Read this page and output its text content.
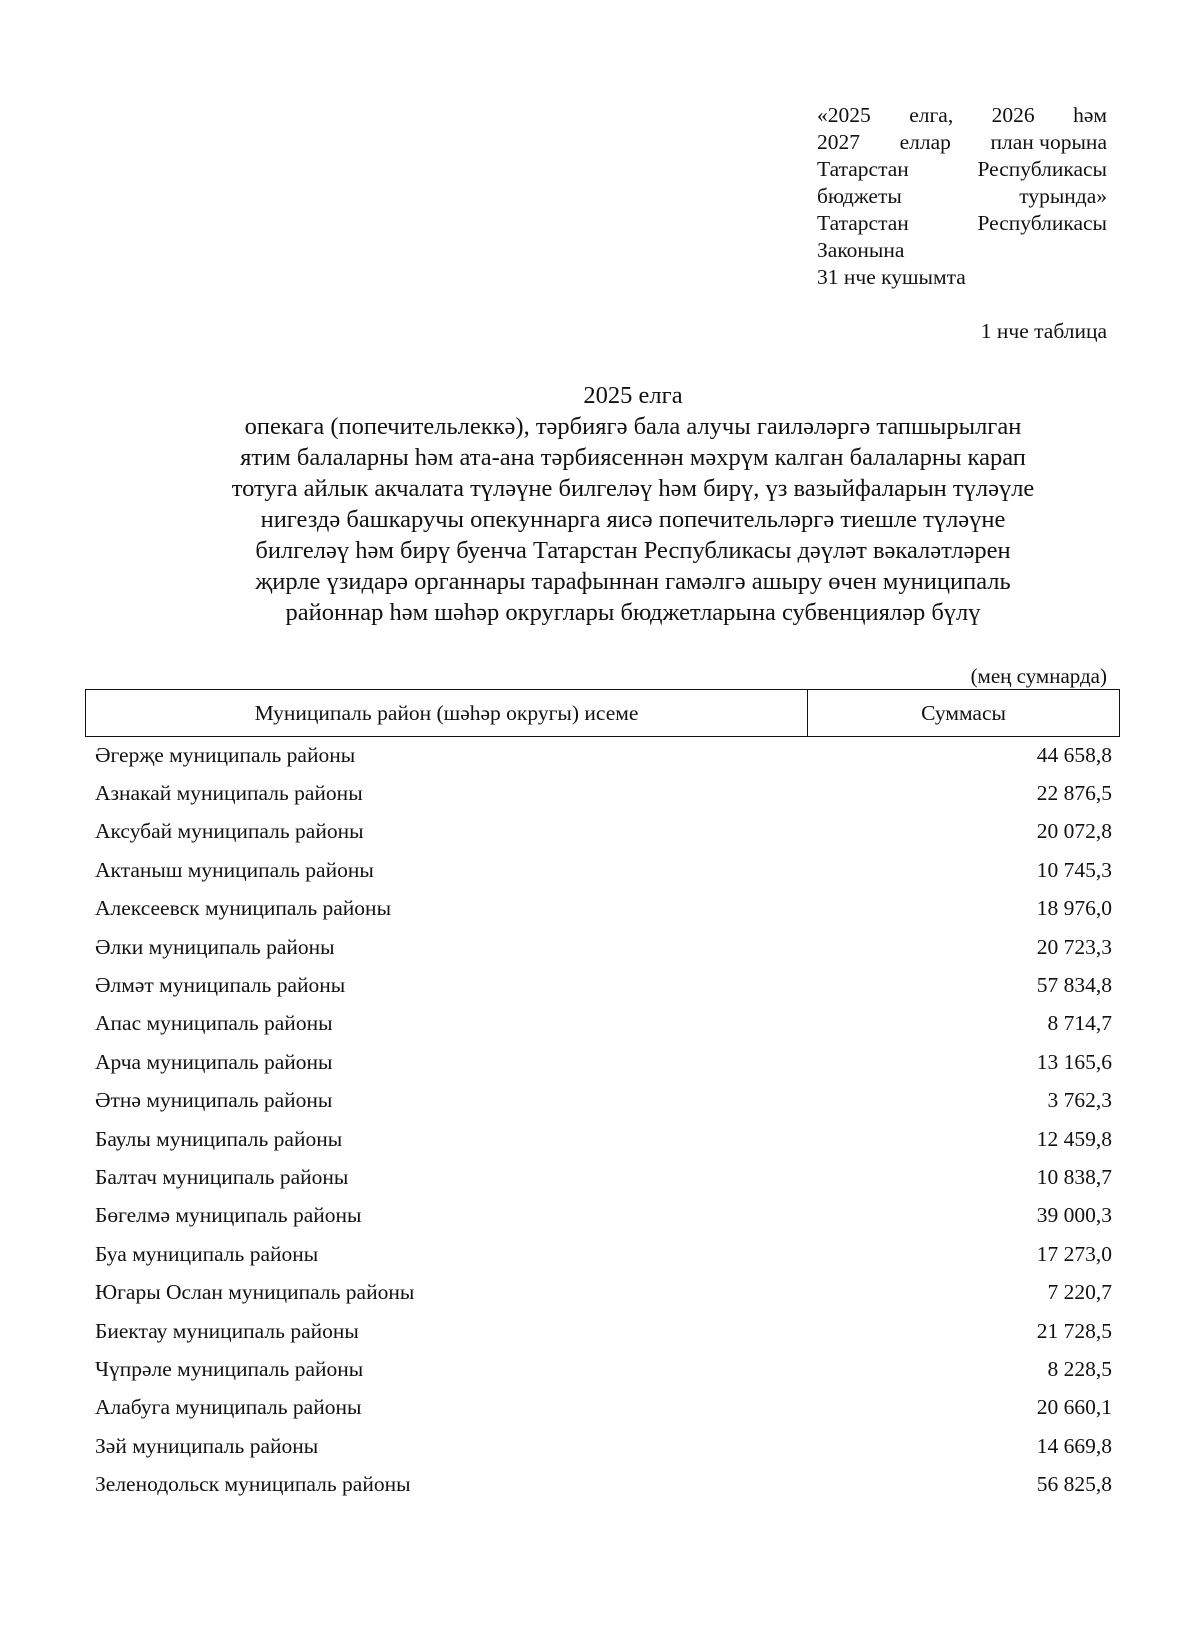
«2025 елга, 2026 һәм
2027 еллар план чорына
Татарстан	Республикасы
бюджеты	турында»
Татарстан	Республикасы
Законына
31 нче кушымта
1 нче таблица
2025 елга
опекага (попечительлеккә), тәрбиягә бала алучы гаиләләргә тапшырылган
ятим балаларны һәм ата-ана тәрбиясеннән мәхрүм калган балаларны карап
тотуга айлык акчалата түләүне билгеләү һәм бирү, үз вазыйфаларын түләүле
нигездә башкаручы опекуннарга яисә попечительләргә тиешле түләүне
билгеләү һәм бирү буенча Татарстан Республикасы дәүләт вәкаләтләрен
җирле үзидарә органнары тарафыннан гамәлгә ашыру өчен муниципаль
районнар һәм шәһәр округлары бюджетларына субвенцияләр бүлү
(мең сумнарда)
Муниципаль район (шәһәр округы) исеме	Суммасы
Әгерҗе муниципаль районы	44 658,8
Азнакай муниципаль районы	22 876,5
Аксубай муниципаль районы	20 072,8
Актаныш муниципаль районы	10 745,3
Алексеевск муниципаль районы	18 976,0
Әлки муниципаль районы	20 723,3
Әлмәт муниципаль районы	57 834,8
Апас муниципаль районы	8 714,7
Арча муниципаль районы	13 165,6
Әтнә муниципаль районы	3 762,3
Баулы муниципаль районы	12 459,8
Балтач муниципаль районы	10 838,7
Бөгелмә муниципаль районы	39 000,3
Буа муниципаль районы	17 273,0
Югары Ослан муниципаль районы	7 220,7
Биектау муниципаль районы	21 728,5
Чүпрәле муниципаль районы	8 228,5
Алабуга муниципаль районы	20 660,1
Зәй муниципаль районы	14 669,8
Зеленодольск муниципаль районы	56 825,8
